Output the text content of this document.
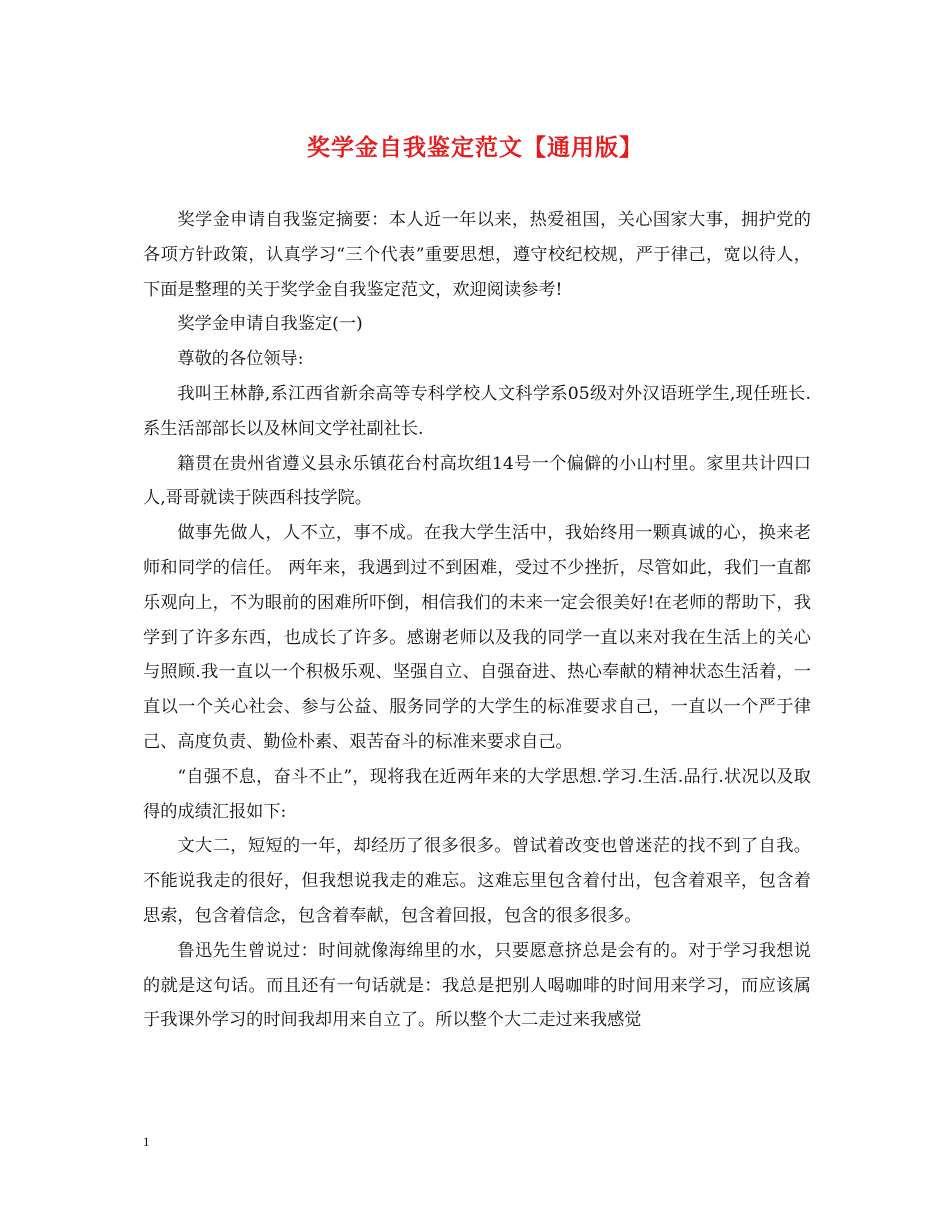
奖学金自我鉴定范文【通用版】

奖学金申请自我鉴定摘要：本人近一年以来，热爱祖国，关心国家大事，拥护党的各项方针政策，认真学习“三个代表”重要思想，遵守校纪校规，严于律己，宽以待人，下面是整理的关于奖学金自我鉴定范文，欢迎阅读参考!

奖学金申请自我鉴定(一)

尊敬的各位领导:

我叫王林静,系江西省新余高等专科学校人文科学系05级对外汉语班学生,现任班长. 系生活部部长以及林间文学社副社长.

籍贯在贵州省遵义县永乐镇花台村高坎组14号一个偏僻的小山村里。家里共计四口人,哥哥就读于陕西科技学院。

做事先做人，人不立，事不成。在我大学生活中，我始终用一颗真诚的心，换来老师和同学的信任。 两年来，我遇到过不到困难，受过不少挫折，尽管如此，我们一直都乐观向上，不为眼前的困难所吓倒，相信我们的未来一定会很美好!在老师的帮助下，我学到了许多东西，也成长了许多。感谢老师以及我的同学一直以来对我在生活上的关心与照顾.我一直以一个积极乐观、坚强自立、自强奋进、热心奉献的精神状态生活着，一直以一个关心社会、参与公益、服务同学的大学生的标准要求自己，一直以一个严于律己、高度负责、勤俭朴素、艰苦奋斗的标准来要求自己。

“自强不息，奋斗不止”，现将我在近两年来的大学思想.学习.生活.品行.状况以及取得的成绩汇报如下:

文大二，短短的一年，却经历了很多很多。曾试着改变也曾迷茫的找不到了自我。不能说我走的很好，但我想说我走的难忘。这难忘里包含着付出，包含着艰辛，包含着思索，包含着信念，包含着奉献，包含着回报，包含的很多很多。

鲁迅先生曾说过：时间就像海绵里的水，只要愿意挤总是会有的。对于学习我想说的就是这句话。而且还有一句话就是：我总是把别人喝咖啡的时间用来学习，而应该属于我课外学习的时间我却用来自立了。所以整个大二走过来我感觉

1
